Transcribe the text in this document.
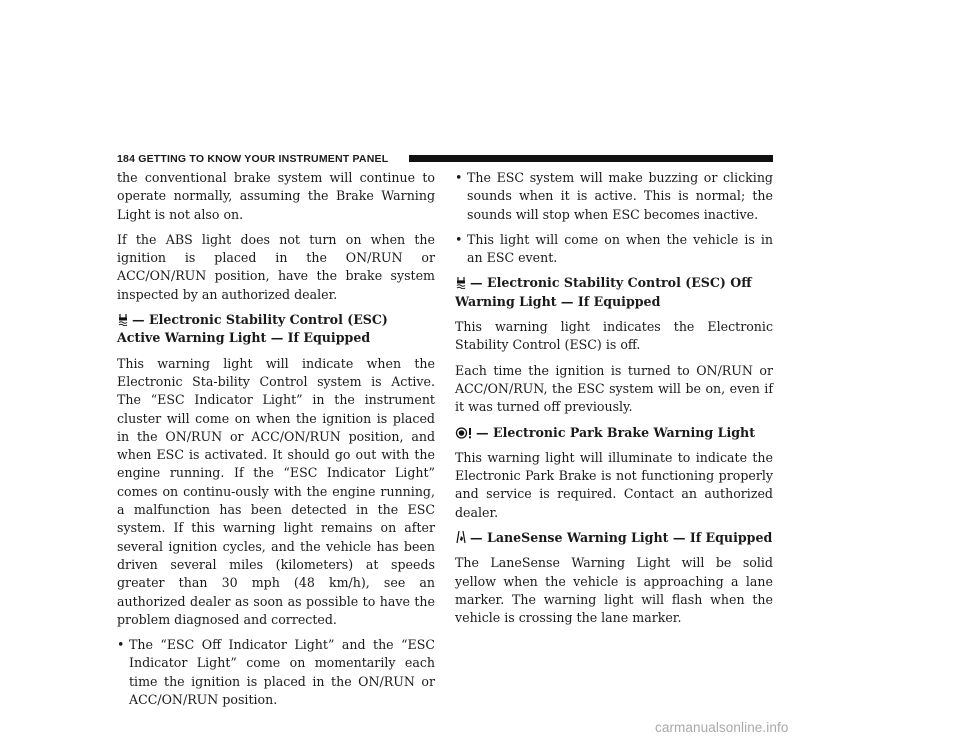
184 GETTING TO KNOW YOUR INSTRUMENT PANEL

the conventional brake system will continue to operate normally, assuming the Brake Warning Light is not also on.

If the ABS light does not turn on when the ignition is placed in the ON/RUN or ACC/ON/RUN position, have the brake system inspected by an authorized dealer.

— Electronic Stability Control (ESC) Active Warning Light — If Equipped

This warning light will indicate when the Electronic Sta-bility Control system is Active. The “ESC Indicator Light” in the instrument cluster will come on when the ignition is placed in the ON/RUN or ACC/ON/RUN position, and when ESC is activated. It should go out with the engine running. If the “ESC Indicator Light” comes on continu-ously with the engine running, a malfunction has been detected in the ESC system. If this warning light remains on after several ignition cycles, and the vehicle has been driven several miles (kilometers) at speeds greater than 30 mph (48 km/h), see an authorized dealer as soon as possible to have the problem diagnosed and corrected.

• The “ESC Off Indicator Light” and the “ESC Indicator Light” come on momentarily each time the ignition is placed in the ON/RUN or ACC/ON/RUN position.
• The ESC system will make buzzing or clicking sounds when it is active. This is normal; the sounds will stop when ESC becomes inactive.
• This light will come on when the vehicle is in an ESC event.
— Electronic Stability Control (ESC) Off Warning Light — If Equipped

This warning light indicates the Electronic Stability Control (ESC) is off.

Each time the ignition is turned to ON/RUN or ACC/ON/RUN, the ESC system will be on, even if it was turned off previously.

— Electronic Park Brake Warning Light

This warning light will illuminate to indicate the Electronic Park Brake is not functioning properly and service is required. Contact an authorized dealer.

— LaneSense Warning Light — If Equipped

The LaneSense Warning Light will be solid yellow when the vehicle is approaching a lane marker. The warning light will flash when the vehicle is crossing the lane marker.

carmanualsonline.info
